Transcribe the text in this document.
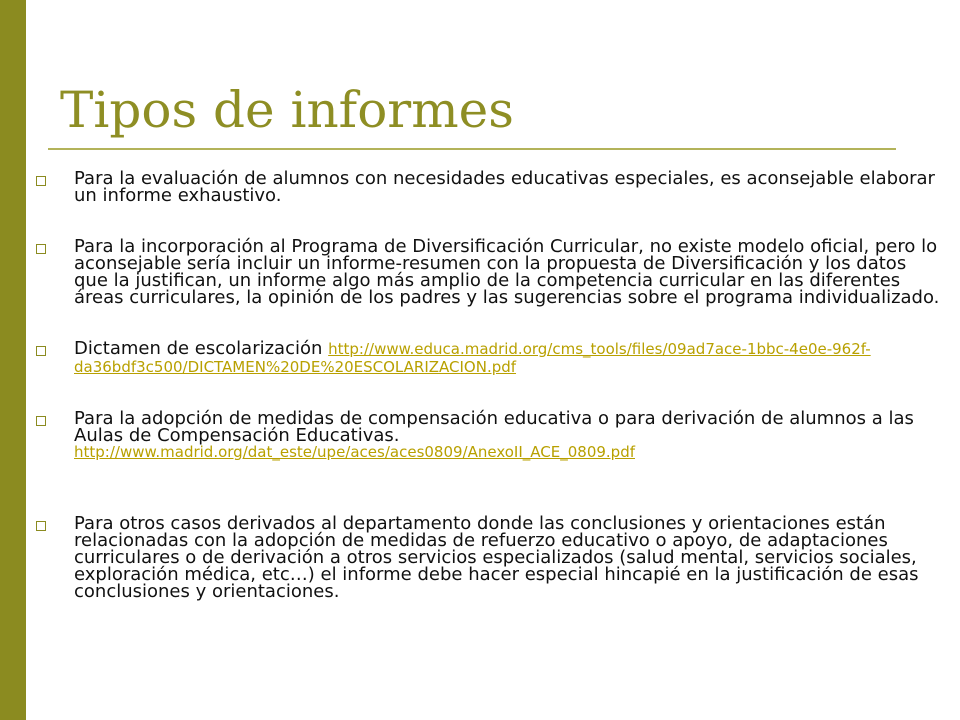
Tipos de informes
Para la evaluación de alumnos con necesidades educativas especiales, es aconsejable elaborar un informe exhaustivo.
Para la incorporación al Programa de Diversificación Curricular, no existe modelo oficial, pero lo aconsejable sería incluir un informe-resumen con la propuesta de Diversificación y los datos que la justifican, un informe algo más amplio de la competencia curricular en las diferentes áreas curriculares, la opinión de los padres y las sugerencias sobre el programa individualizado.
Dictamen de escolarización http://www.educa.madrid.org/cms_tools/files/09ad7ace-1bbc-4e0e-962f-da36bdf3c500/DICTAMEN%20DE%20ESCOLARIZACION.pdf
Para la adopción de medidas de compensación educativa o para derivación de alumnos a las Aulas de Compensación Educativas.
http://www.madrid.org/dat_este/upe/aces/aces0809/AnexoII_ACE_0809.pdf
Para otros casos derivados al departamento donde las conclusiones y orientaciones están relacionadas con la adopción de medidas de refuerzo educativo o apoyo, de adaptaciones curriculares o de derivación a otros servicios especializados (salud mental, servicios sociales, exploración médica, etc…) el informe debe hacer especial hincapié en la justificación de esas conclusiones y orientaciones.
